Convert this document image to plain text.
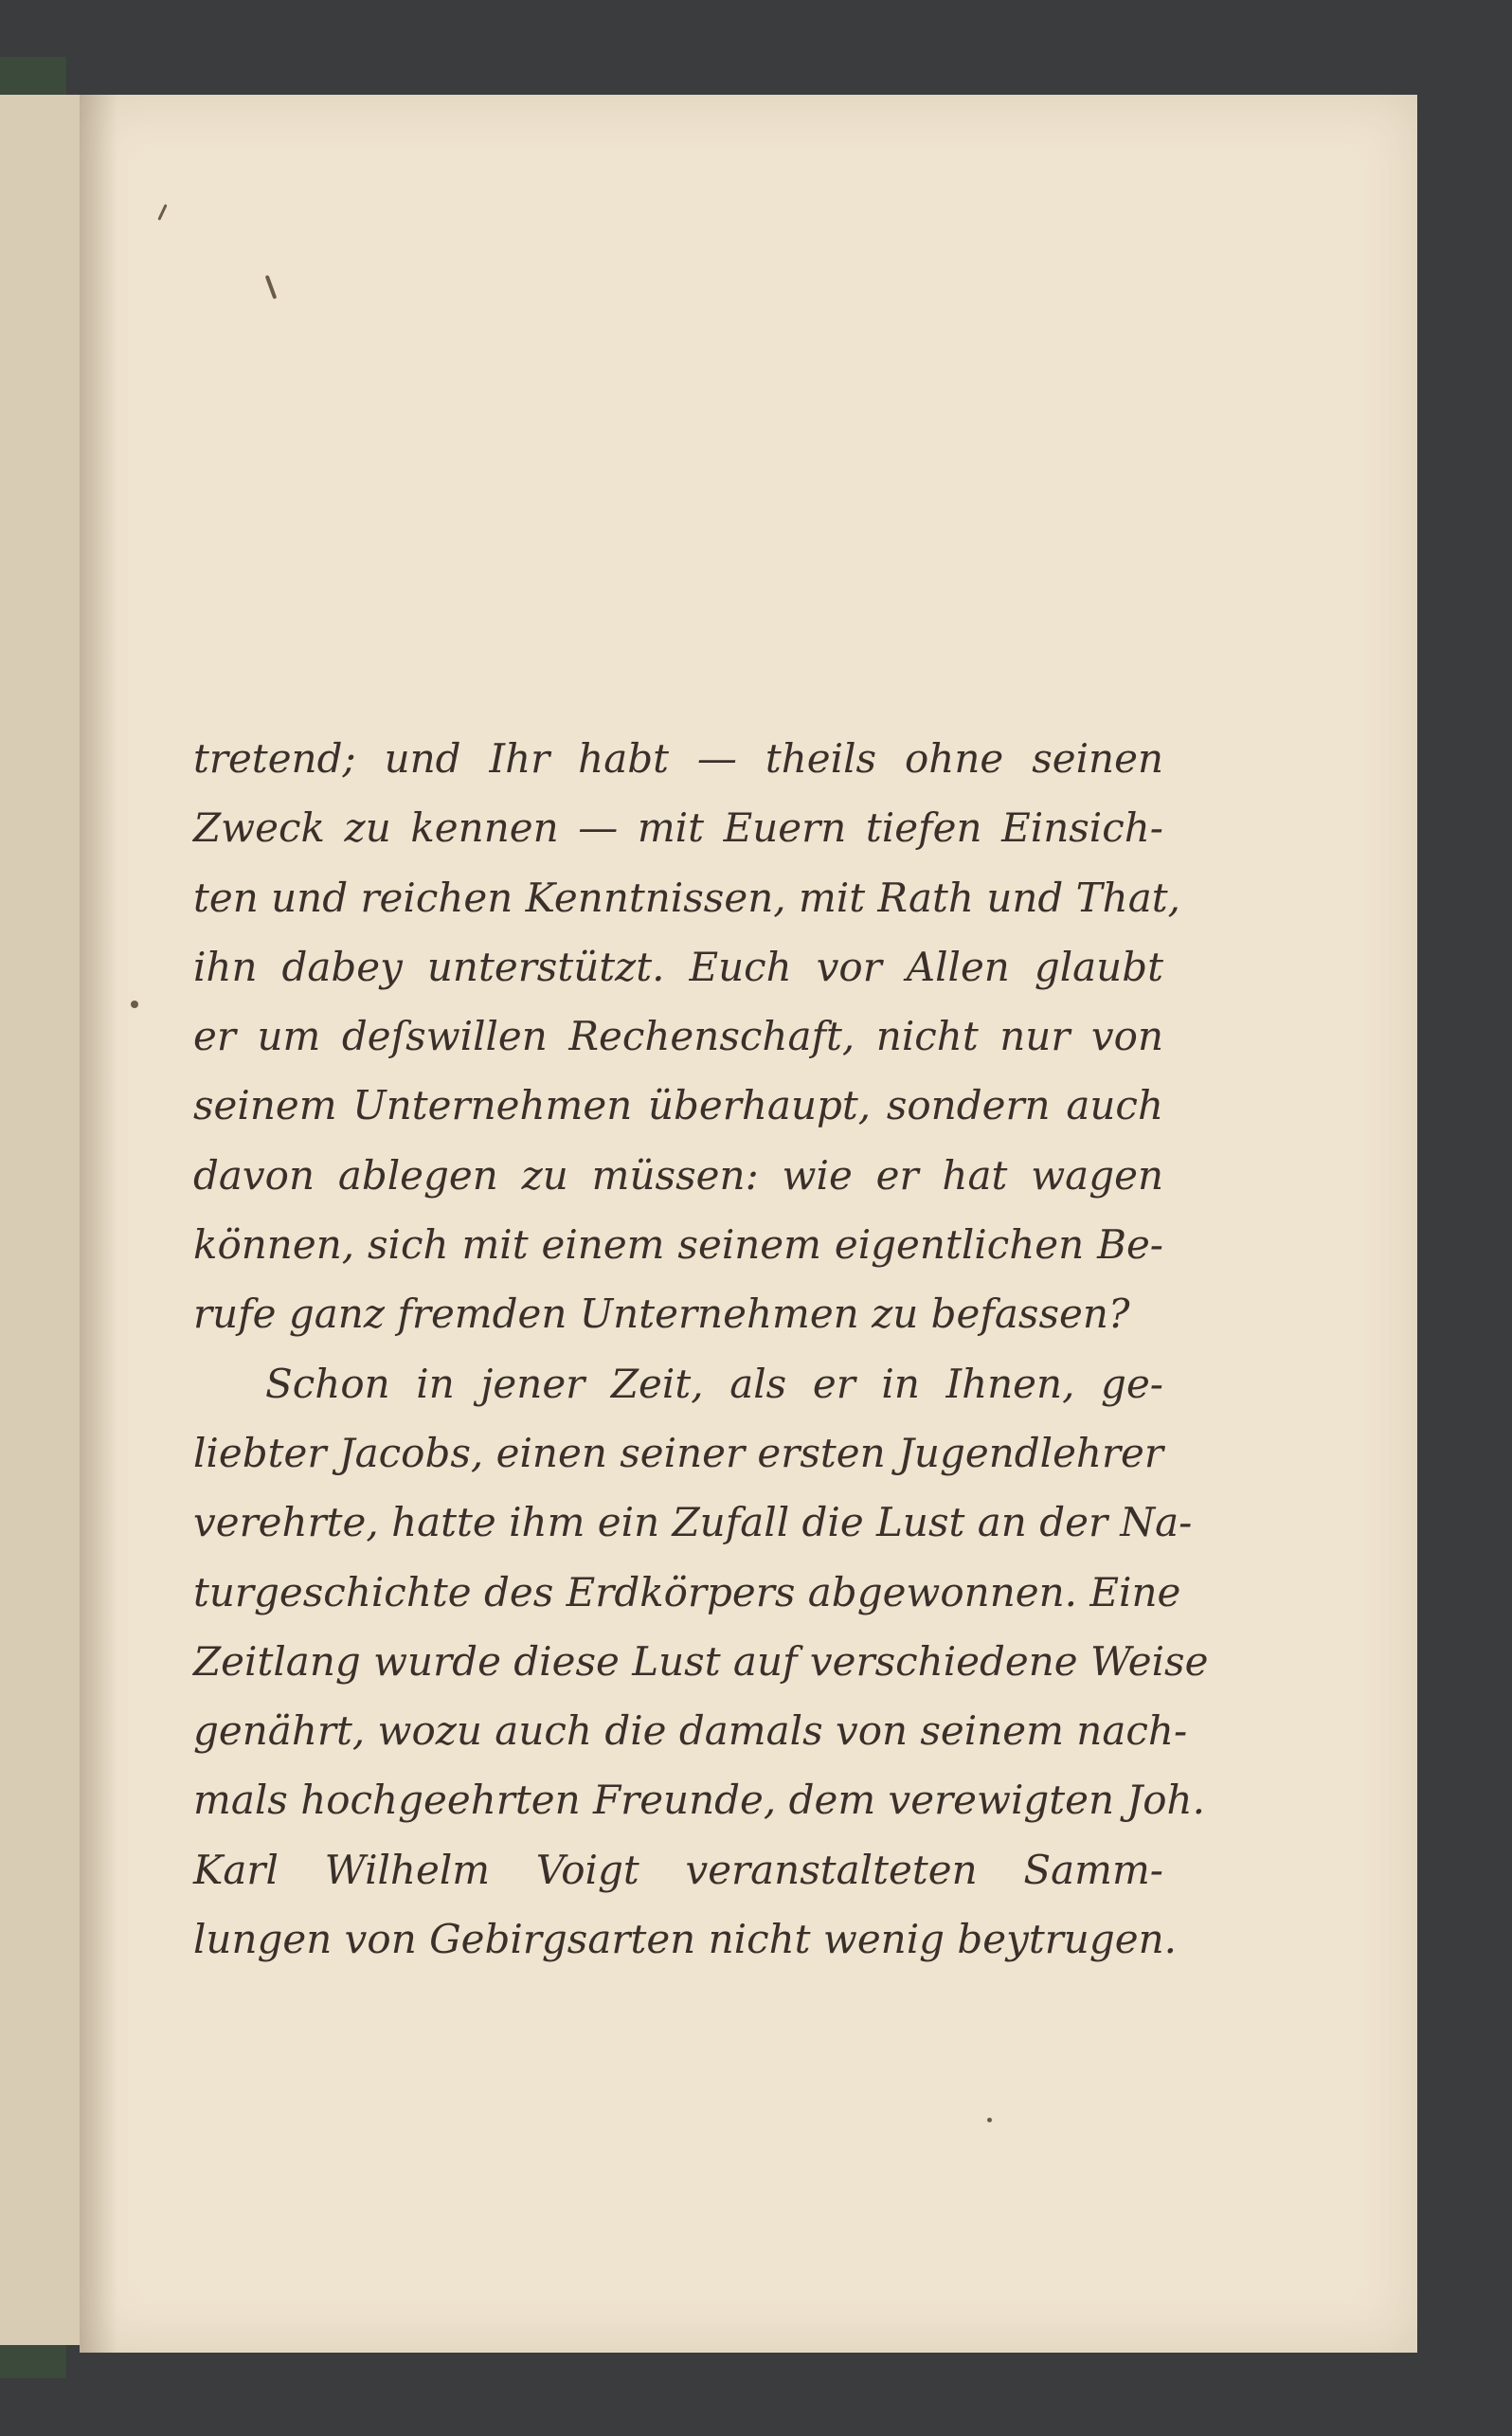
tretend; und Ihr habt — theils ohne seinen
Zweck zu kennen — mit Euern tiefen Einsich-
ten und reichen Kenntnissen, mit Rath und That,
ihn dabey unterstützt. Euch vor Allen glaubt
er um deſswillen Rechenschaft, nicht nur von
seinem Unternehmen überhaupt, sondern auch
davon ablegen zu müssen: wie er hat wagen
können, sich mit einem seinem eigentlichen Be-
rufe ganz fremden Unternehmen zu befassen?

Schon in jener Zeit, als er in Ihnen, ge-
liebter Jacobs, einen seiner ersten Jugendlehrer
verehrte, hatte ihm ein Zufall die Lust an der Na-
turgeschichte des Erdkörpers abgewonnen. Eine
Zeitlang wurde diese Lust auf verschiedene Weise
genährt, wozu auch die damals von seinem nach-
mals hochgeehrten Freunde, dem verewigten Joh.
Karl Wilhelm Voigt veranstalteten Samm-
lungen von Gebirgsarten nicht wenig beytrugen.
